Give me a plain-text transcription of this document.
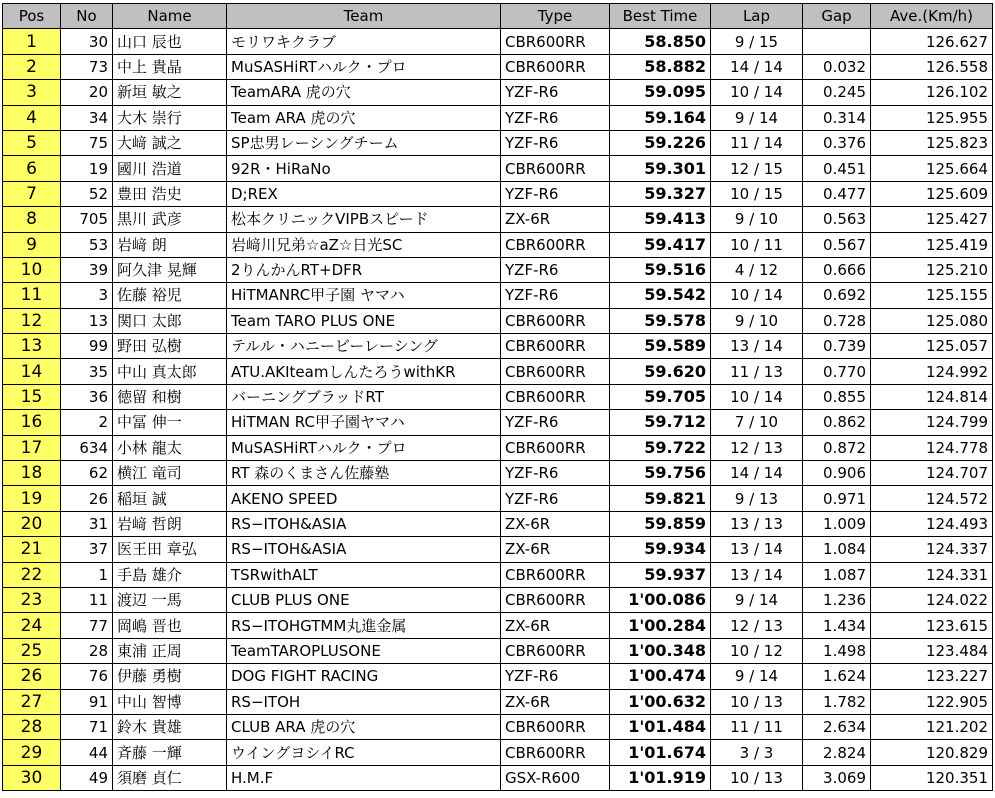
Pos	No	Name	Team	Type	Best Time	Lap	Gap	Ave.(Km/h)
1	30	山口 辰也	モリワキクラブ	CBR600RR	58.850	9 / 15		126.627
2	73	中上 貴晶	MuSASHiRTハルク・プロ	CBR600RR	58.882	14 / 14	0.032	126.558
3	20	新垣 敏之	TeamARA 虎の穴	YZF-R6	59.095	10 / 14	0.245	126.102
4	34	大木 崇行	Team ARA 虎の穴	YZF-R6	59.164	9 / 14	0.314	125.955
5	75	大﨑 誠之	SP忠男レーシングチーム	YZF-R6	59.226	11 / 14	0.376	125.823
6	19	國川 浩道	92R・HiRaNo	CBR600RR	59.301	12 / 15	0.451	125.664
7	52	豊田 浩史	D;REX	YZF-R6	59.327	10 / 15	0.477	125.609
8	705	黒川 武彦	松本クリニックVIPBスピード	ZX-6R	59.413	9 / 10	0.563	125.427
9	53	岩﨑 朗	岩﨑川兄弟☆aZ☆日光SC	CBR600RR	59.417	10 / 11	0.567	125.419
10	39	阿久津 晃輝	2りんかんRT+DFR	YZF-R6	59.516	4 / 12	0.666	125.210
11	3	佐藤 裕児	HiTMANRC甲子園 ヤマハ	YZF-R6	59.542	10 / 14	0.692	125.155
12	13	関口 太郎	Team TARO PLUS ONE	CBR600RR	59.578	9 / 10	0.728	125.080
13	99	野田 弘樹	テルル・ハニービーレーシング	CBR600RR	59.589	13 / 14	0.739	125.057
14	35	中山 真太郎	ATU.AKIteamしんたろうwithKR	CBR600RR	59.620	11 / 13	0.770	124.992
15	36	徳留 和樹	バーニングブラッドRT	CBR600RR	59.705	10 / 14	0.855	124.814
16	2	中冨 伸一	HiTMAN RC甲子園ヤマハ	YZF-R6	59.712	7 / 10	0.862	124.799
17	634	小林 龍太	MuSASHiRTハルク・プロ	CBR600RR	59.722	12 / 13	0.872	124.778
18	62	横江 竜司	RT 森のくまさん佐藤塾	YZF-R6	59.756	14 / 14	0.906	124.707
19	26	稲垣 誠	AKENO SPEED	YZF-R6	59.821	9 / 13	0.971	124.572
20	31	岩﨑 哲朗	RS−ITOH&ASIA	ZX-6R	59.859	13 / 13	1.009	124.493
21	37	医王田 章弘	RS−ITOH&ASIA	ZX-6R	59.934	13 / 14	1.084	124.337
22	1	手島 雄介	TSRwithALT	CBR600RR	59.937	13 / 14	1.087	124.331
23	11	渡辺 一馬	CLUB PLUS ONE	CBR600RR	1'00.086	9 / 14	1.236	124.022
24	77	岡嶋 晋也	RS−ITOHGTMM丸進金属	ZX-6R	1'00.284	12 / 13	1.434	123.615
25	28	東浦 正周	TeamTAROPLUSONE	CBR600RR	1'00.348	10 / 12	1.498	123.484
26	76	伊藤 勇樹	DOG FIGHT RACING	YZF-R6	1'00.474	9 / 14	1.624	123.227
27	91	中山 智博	RS−ITOH	ZX-6R	1'00.632	10 / 13	1.782	122.905
28	71	鈴木 貴雄	CLUB ARA 虎の穴	CBR600RR	1'01.484	11 / 11	2.634	121.202
29	44	斉藤 一輝	ウイングヨシイRC	CBR600RR	1'01.674	3 / 3	2.824	120.829
30	49	須磨 貞仁	H.M.F	GSX-R600	1'01.919	10 / 13	3.069	120.351
